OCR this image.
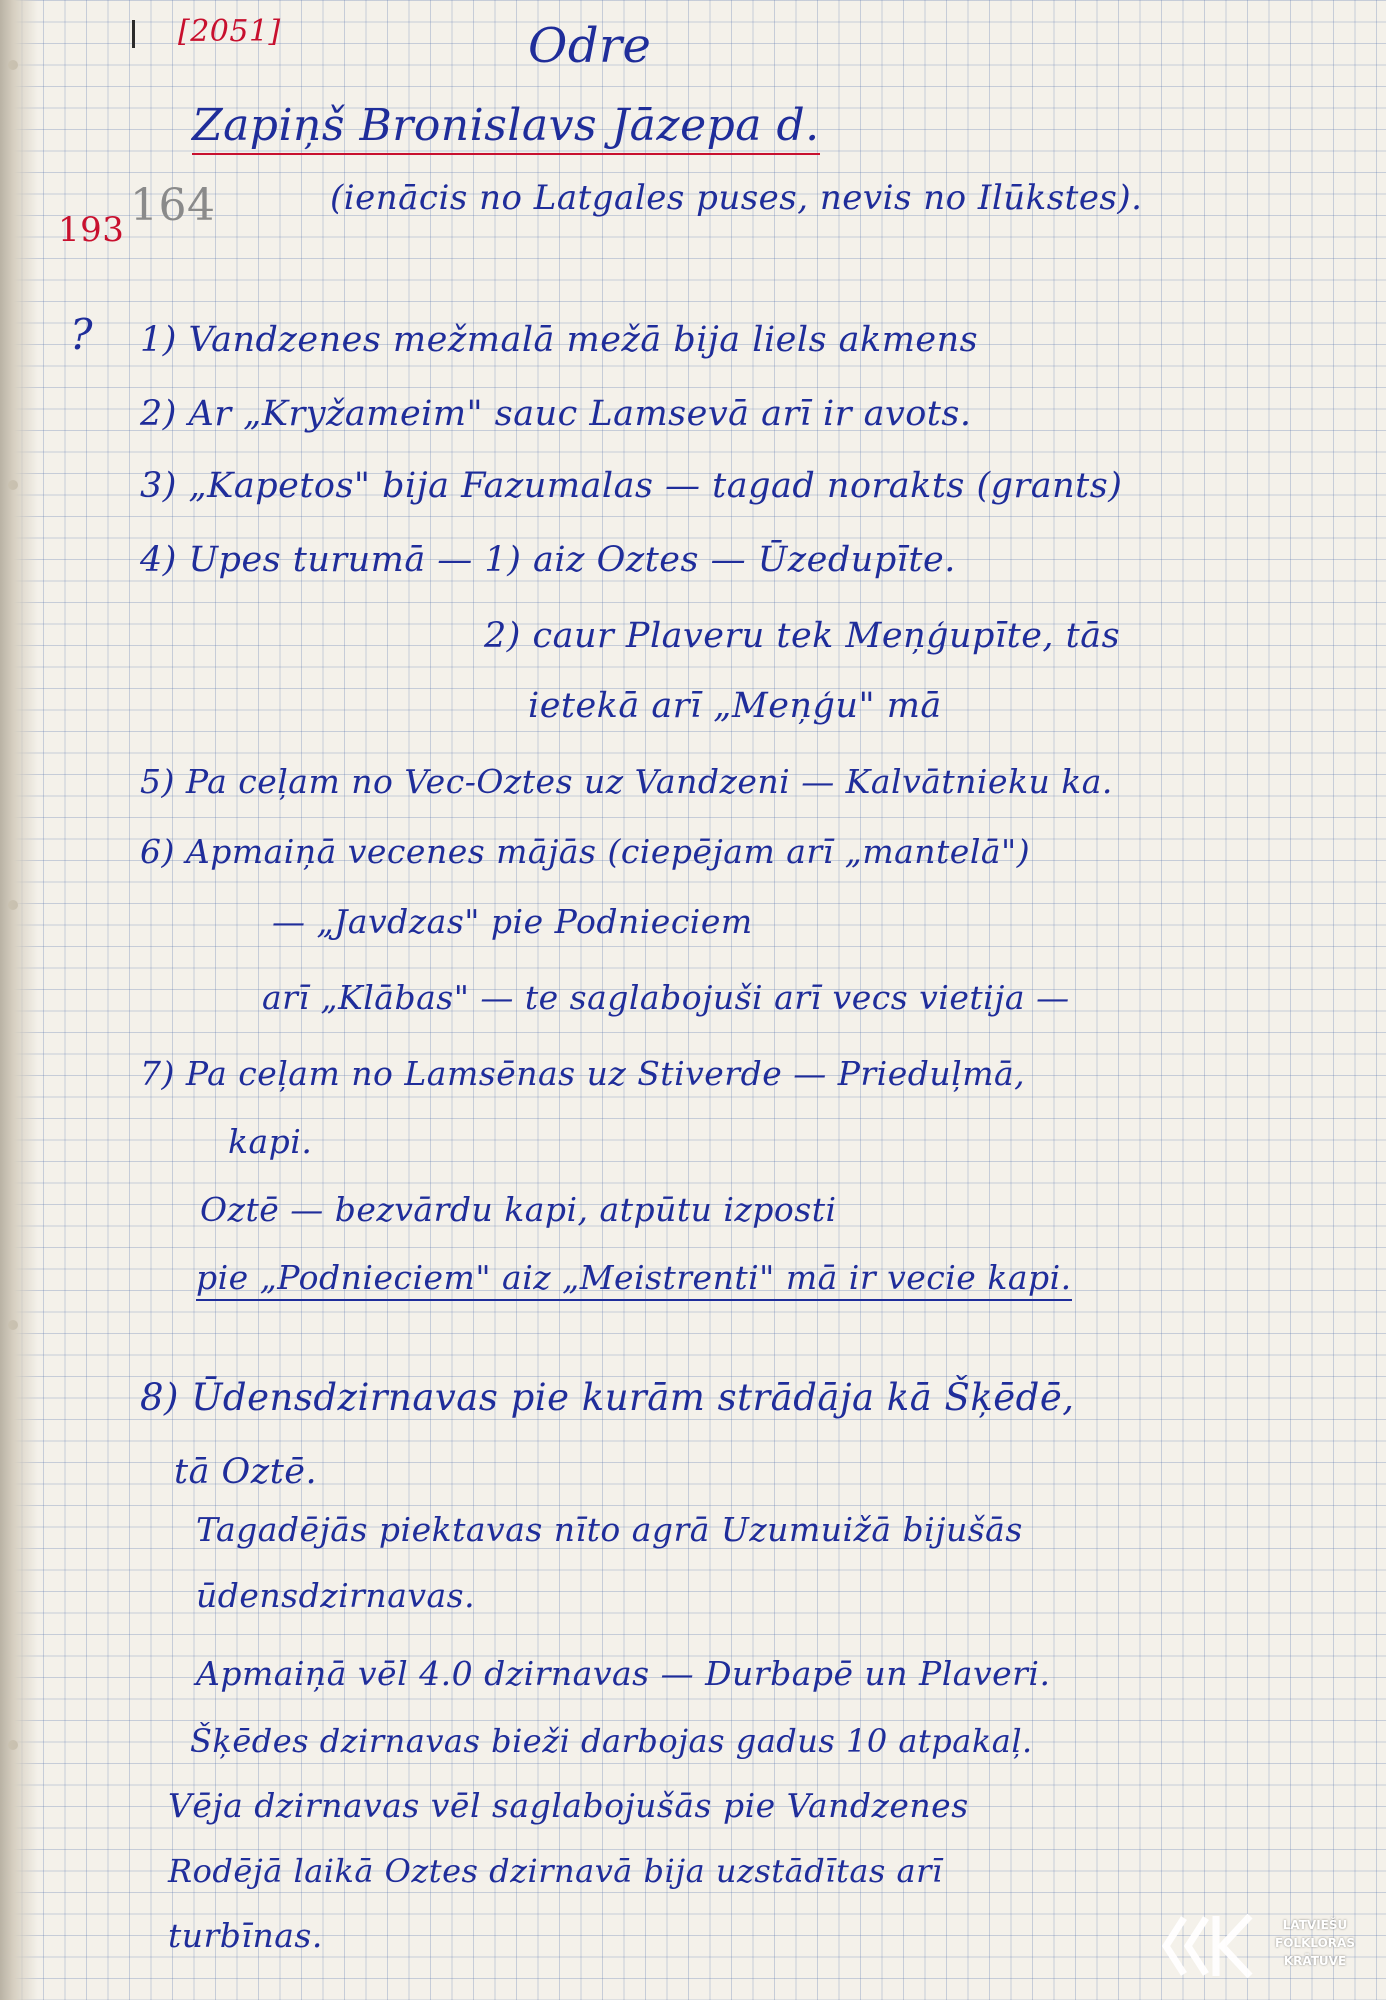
[2051]	Odre
Zapiņš Bronislavs Jāzepa d.
164
193
(ienācis no Latgales puses, nevis no Ilūkstes).
? 1) Vandzenes mežmalā mežā bija liels akmens
2) Ar „Kryžameim" sauc Lamsevā arī ir avots.
3) „Kapetos" bija Fazumalas — tagad norakts (grants)
4) Upes turumā — 1) aiz Oztes — Ūzedupīte.
2) caur Plaveru tek Meņģupīte, tās
ietekā arī „Meņģu" mā
5) Pa ceļam no Vec-Oztes uz Vandzeni — Kalvātnieku ka.
6) Apmaiņā vecenes mājās (ciepējam arī „mantelā")
— „Javdzas" pie Podnieciem
arī „Klābas" — te saglabojuši arī vecs vietija —
7) Pa ceļam no Lamsēnas uz Stiverde — Prieduļmā,
kapi.
Oztē — bezvārdu kapi, atpūtu izposti
pie „Podnieciem" aiz „Meistrenti" mā ir vecie kapi.
8) Ūdensdzirnavas pie kurām strādāja kā Šķēdē,
tā Oztē.
Tagadējās piektavas nīto agrā Uzumuižā bijušās
ūdensdzirnavas.
Apmaiņā vēl 4.0 dzirnavas — Durbapē un Plaveri.
Šķēdes dzirnavas bieži darbojas gadus 10 atpakaļ.
Vēja dzirnavas vēl saglabojušās pie Vandzenes
Rodējā laikā Oztes dzirnavā bija uzstādītas arī
turbīnas.	LATVIEŠU
FOLKLORAS
KRĀTUVE
